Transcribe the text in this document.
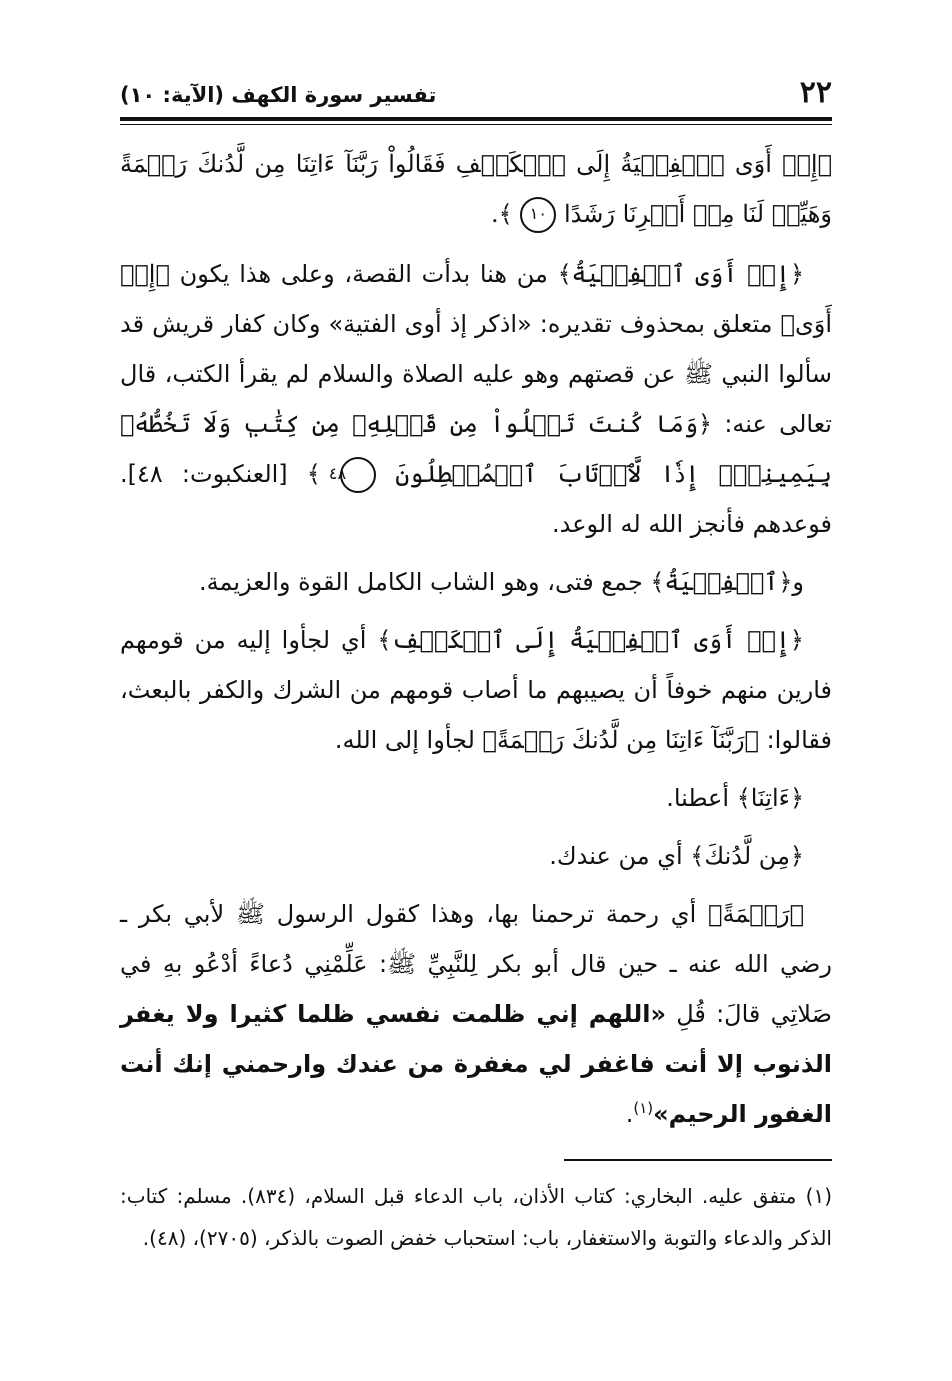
٢٢
تفسير سورة الكهف (الآية: ١٠)

﴿إِذۡ أَوَى ٱلۡفِتۡيَةُ إِلَى ٱلۡكَهۡفِ فَقَالُواْ رَبَّنَآ ءَاتِنَا مِن لَّدُنكَ رَحۡمَةً وَهَيِّئۡ لَنَا مِنۡ أَمۡرِنَا رَشَدًا ١٠ ﴾.

﴿إِذۡ أَوَى ٱلۡفِتۡيَةُ﴾ من هنا بدأت القصة، وعلى هذا يكون ﴿إِذۡ أَوَى﴾ متعلق بمحذوف تقديره: «اذكر إذ أوى الفتية» وكان كفار قريش قد سألوا النبي ﷺ عن قصتهم وهو عليه الصلاة والسلام لم يقرأ الكتب، قال تعالى عنه: ﴿وَمَا كُنتَ تَتۡلُواْ مِن قَبۡلِهِۦ مِن كِتَٰبٖ وَلَا تَخُطُّهُۥ بِيَمِينِكَۖ إِذٗا لَّٱرۡتَابَ ٱلۡمُبۡطِلُونَ ٤٨ ﴾ [العنكبوت: ٤٨]. فوعدهم فأنجز الله له الوعد.

و﴿ٱلۡفِتۡيَةُ﴾ جمع فتى، وهو الشاب الكامل القوة والعزيمة.

﴿إِذۡ أَوَى ٱلۡفِتۡيَةُ إِلَى ٱلۡكَهۡفِ﴾ أي لجأوا إليه من قومهم فارين منهم خوفاً أن يصيبهم ما أصاب قومهم من الشرك والكفر بالبعث، فقالوا: ﴿رَبَّنَآ ءَاتِنَا مِن لَّدُنكَ رَحۡمَةً﴾ لجأوا إلى الله.

﴿ءَاتِنَا﴾ أعطنا.

﴿مِن لَّدُنكَ﴾ أي من عندك.

﴿رَحۡمَةً﴾ أي رحمة ترحمنا بها، وهذا كقول الرسول ﷺ لأبي بكر ـ رضي الله عنه ـ حين قال أبو بكر لِلنَّبِيِّ ﷺ: عَلِّمْنِي دُعاءً أدْعُو بهِ في صَلاتِي قالَ: قُلِ «اللهم إني ظلمت نفسي ظلما كثيرا ولا يغفر الذنوب إلا أنت فاغفر لي مغفرة من عندك وارحمني إنك أنت الغفور الرحيم»$^{(١)}$.

(١) متفق عليه. البخاري: كتاب الأذان، باب الدعاء قبل السلام، (٨٣٤). مسلم: كتاب: الذكر والدعاء والتوبة والاستغفار، باب: استحباب خفض الصوت بالذكر، (٢٧٠٥)، (٤٨).
